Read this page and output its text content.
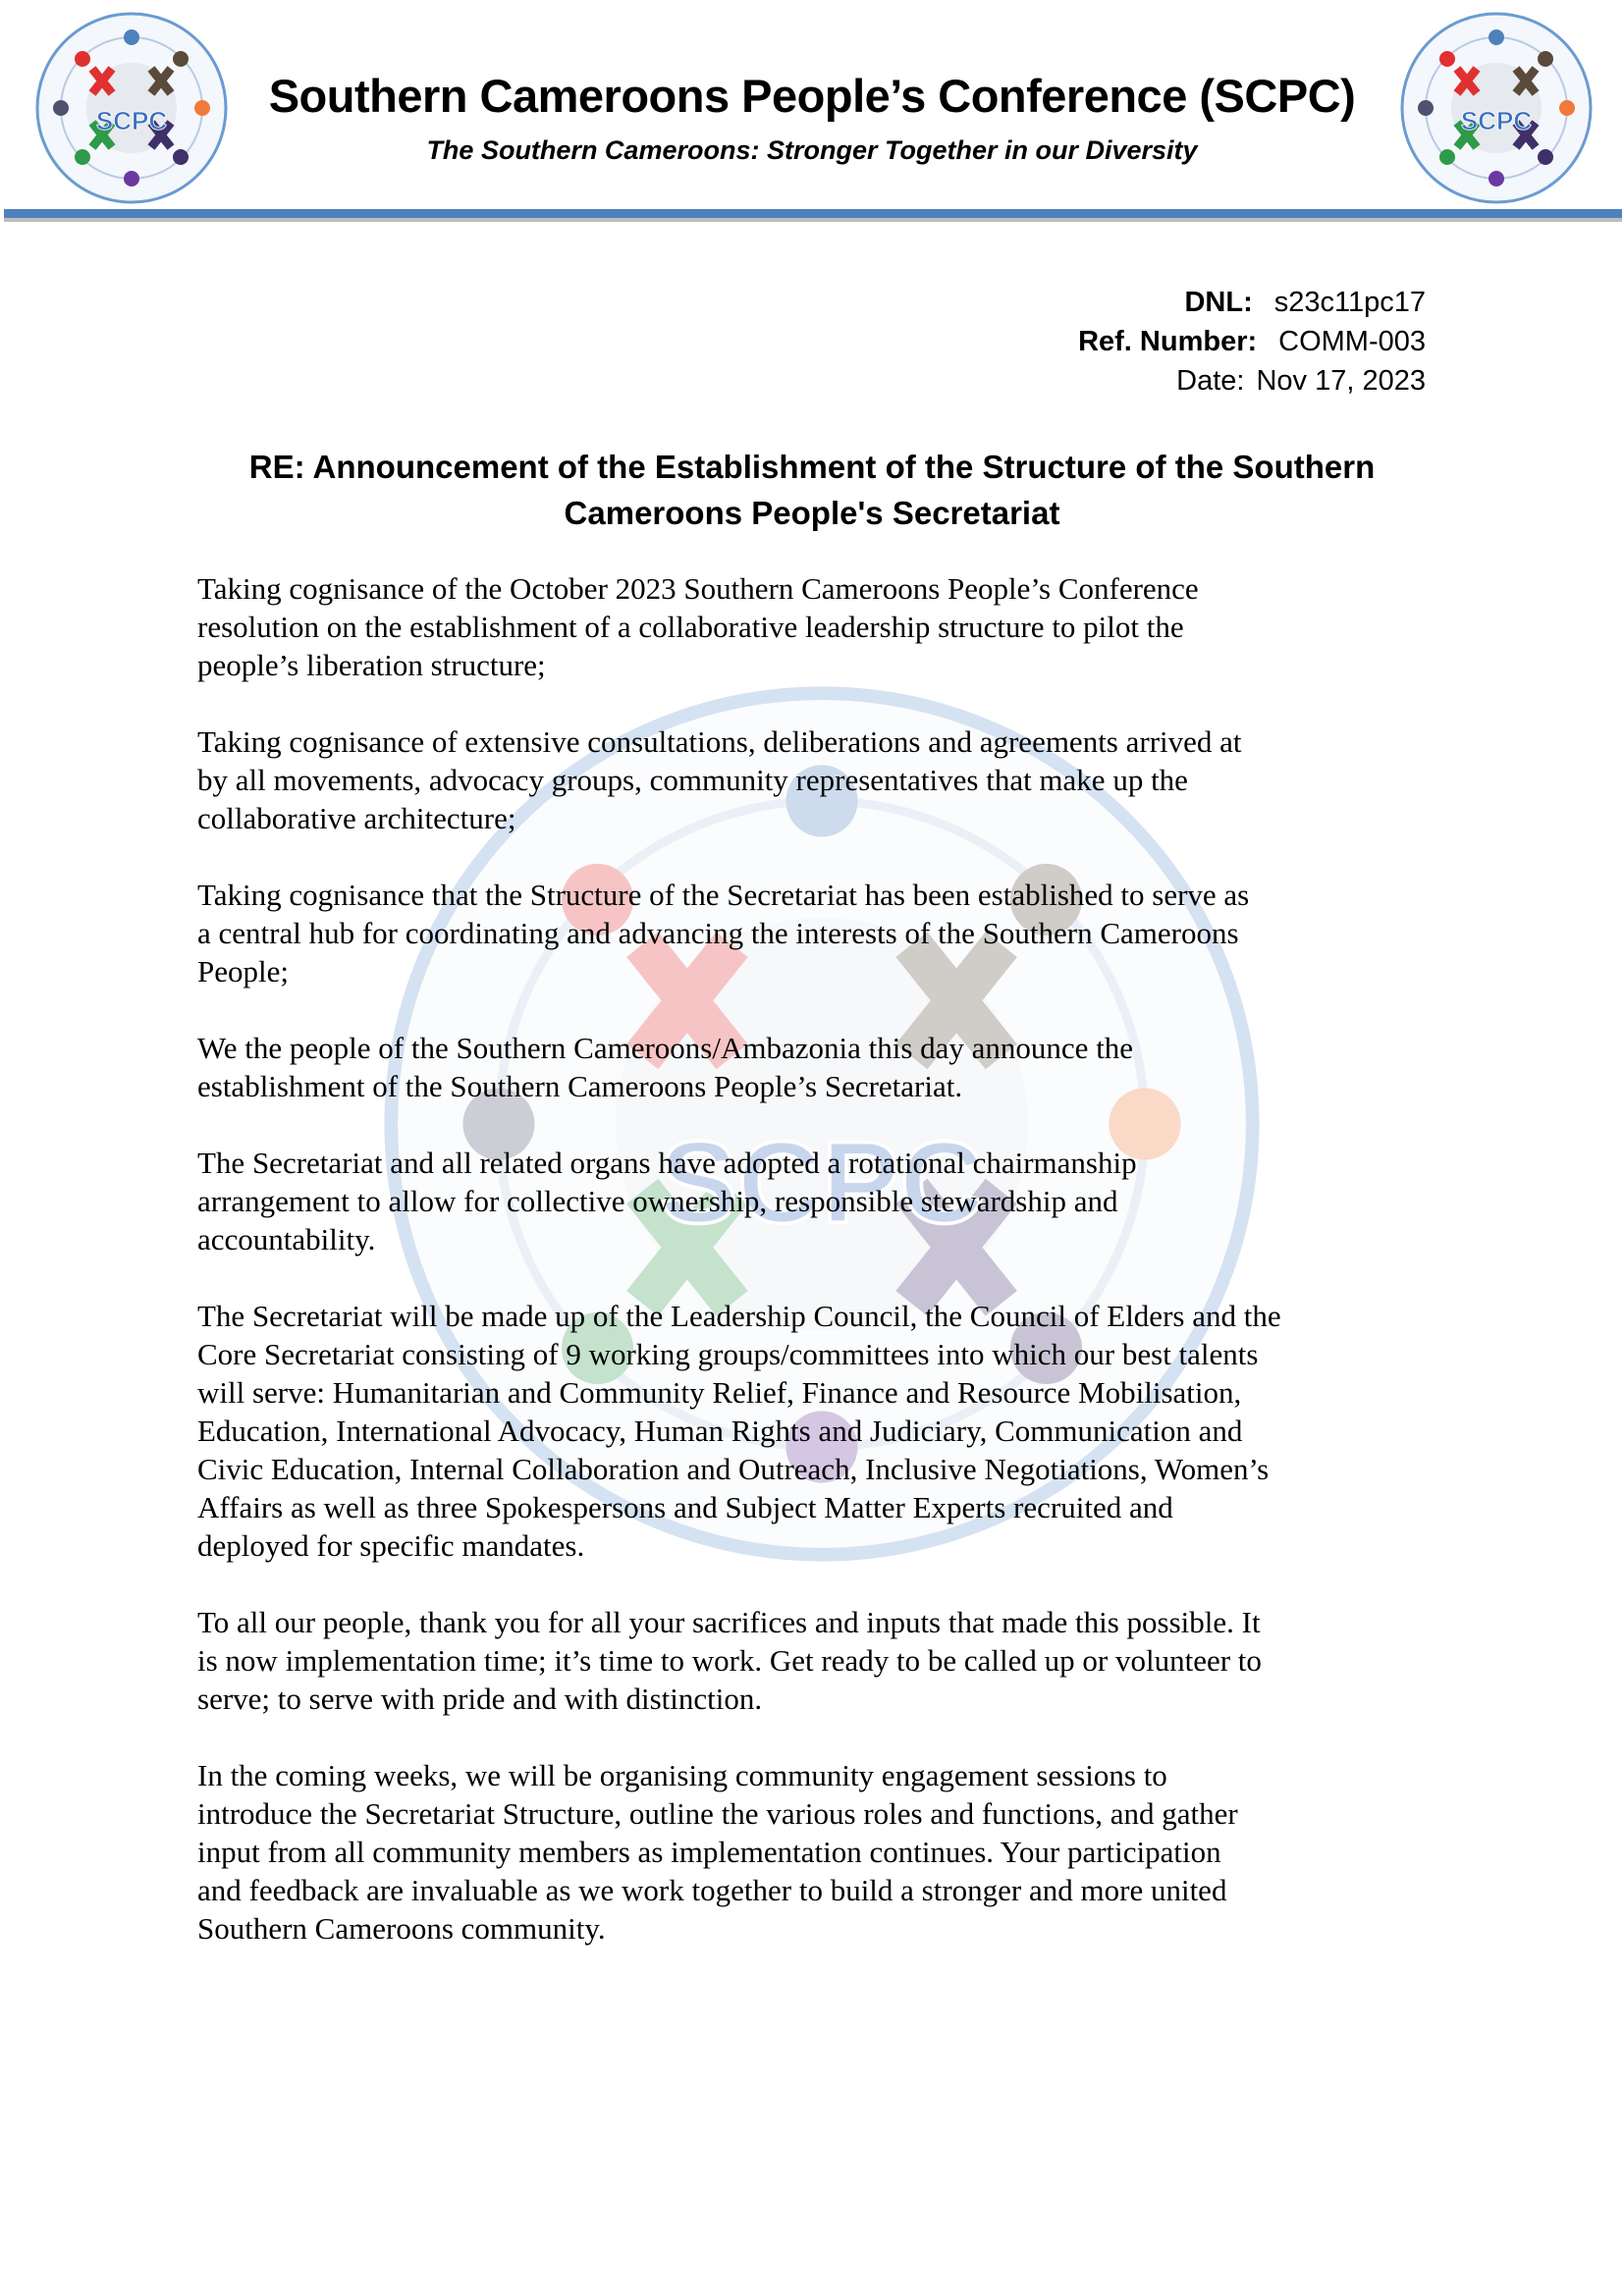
SCPC	Southern Cameroons People’s Conference (SCPC)
The Southern Cameroons: Stronger Together in our Diversity
DNL: s23c11pc17
Ref. Number: COMM-003
Date: Nov 17, 2023
RE: Announcement of the Establishment of the Structure of the Southern
Cameroons People's Secretariat
Taking cognisance of the October 2023 Southern Cameroons People’s Conference
resolution on the establishment of a collaborative leadership structure to pilot the
people’s liberation structure;
Taking cognisance of extensive consultations, deliberations and agreements arrived at
by all movements, advocacy groups, community representatives that make up the
collaborative architecture;
Taking cognisance that the Structure of the Secretariat has been established to serve as
a central hub for coordinating and advancing the interests of the Southern Cameroons
People;
We the people of the Southern Cameroons/Ambazonia this day announce the
establishment of the Southern Cameroons People’s Secretariat.
The Secretariat and all related organs have adopted a rotational chairmanship
arrangement to allow for collective ownership, responsible stewardship and
accountability.
The Secretariat will be made up of the Leadership Council, the Council of Elders and the
Core Secretariat consisting of 9 working groups/committees into which our best talents
will serve: Humanitarian and Community Relief, Finance and Resource Mobilisation,
Education, International Advocacy, Human Rights and Judiciary, Communication and
Civic Education, Internal Collaboration and Outreach, Inclusive Negotiations, Women’s
Affairs as well as three Spokespersons and Subject Matter Experts recruited and
deployed for specific mandates.
To all our people, thank you for all your sacrifices and inputs that made this possible. It
is now implementation time; it’s time to work. Get ready to be called up or volunteer to
serve; to serve with pride and with distinction.
In the coming weeks, we will be organising community engagement sessions to
introduce the Secretariat Structure, outline the various roles and functions, and gather
input from all community members as implementation continues. Your participation
and feedback are invaluable as we work together to build a stronger and more united
Southern Cameroons community.
